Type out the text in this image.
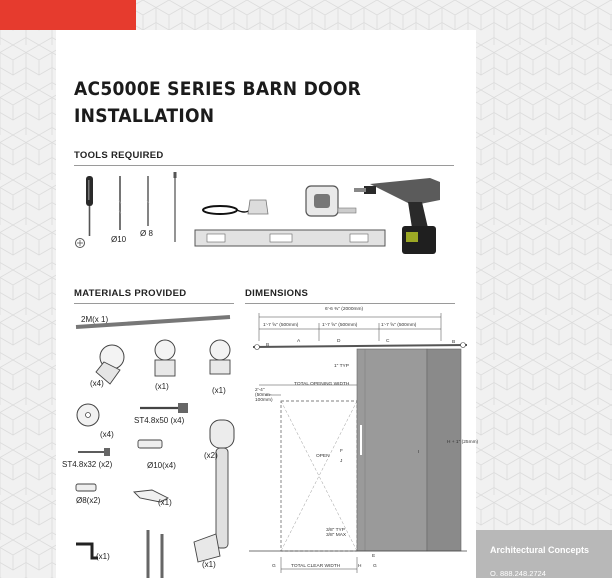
AC5000E SERIES BARN DOOR
INSTALLATION
TOOLS REQUIRED
Ø10
Ø 8
MATERIALS PROVIDED
2M(x 1)
(x4)	(x1)	(x1)
(x4)
ST4.8x50 (x4)
(x2)
ST4.8x32 (x2)	Ø10(x4)
Ø8(x2)	(x1)
(x1)
(x1)
DIMENSIONS
6'-6 ⅜" (2000mm)
1'-7 ⅝" (500mm)	1'-7 ⅝" (500mm)	1'-7 ⅝" (500mm)
B
A	D	C	B
1" TYP
TOTAL OPENING WIDTH
2'-4" (50mm-100mm)
F
OPEN
J
I
H + 1" (25mm)
3/8" TYP 3/8" MAX
E
G	TOTAL CLEAR WIDTH	H G
Architectural Concepts
O. 888.248.2724
